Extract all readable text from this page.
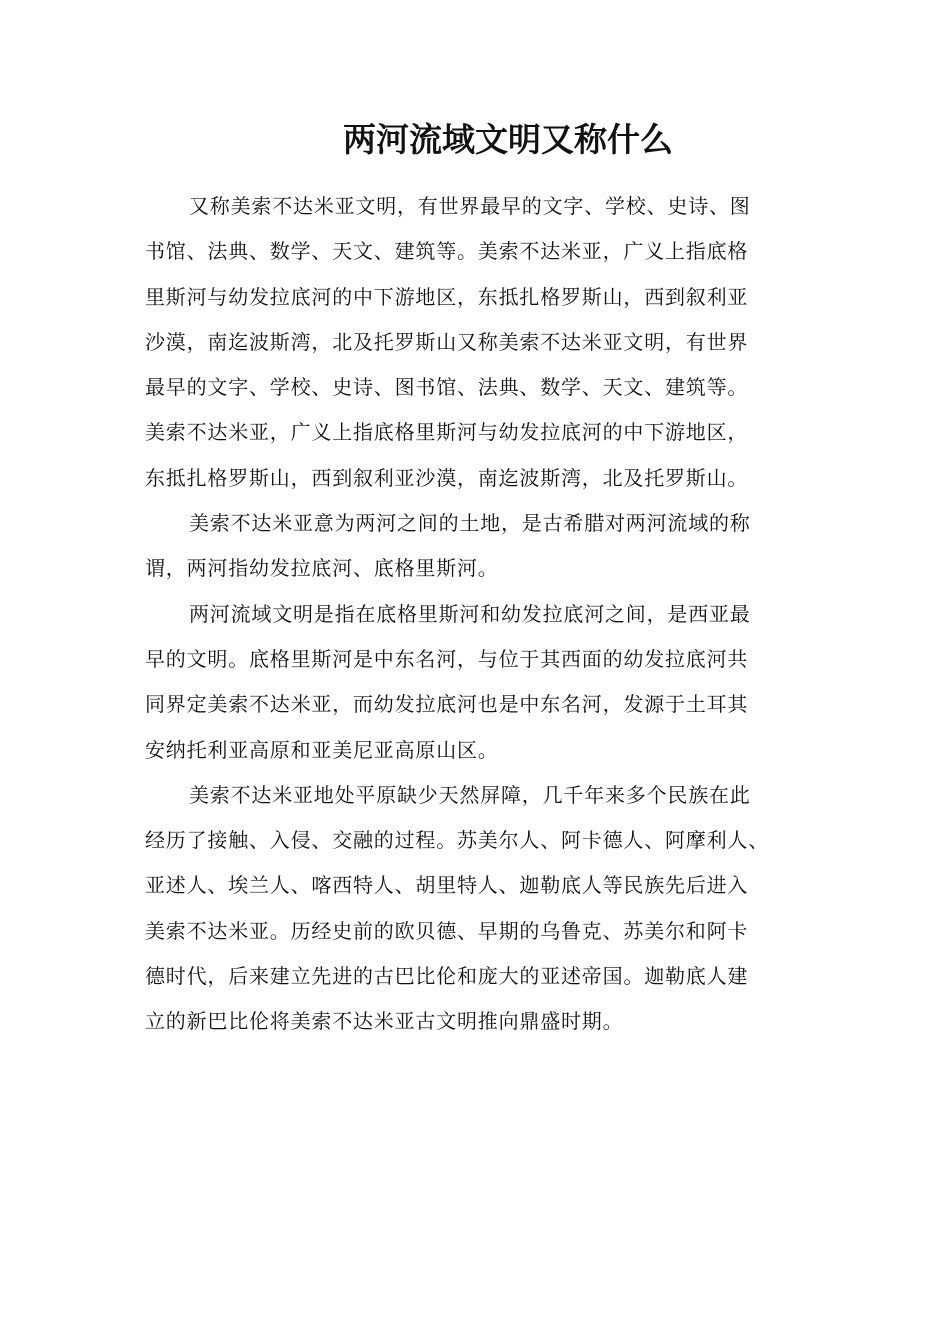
两河流域文明又称什么

又称美索不达米亚文明，有世界最早的文字、学校、史诗、图
书馆、法典、数学、天文、建筑等。美索不达米亚，广义上指底格
里斯河与幼发拉底河的中下游地区，东抵扎格罗斯山，西到叙利亚
沙漠，南迄波斯湾，北及托罗斯山又称美索不达米亚文明，有世界
最早的文字、学校、史诗、图书馆、法典、数学、天文、建筑等。
美索不达米亚，广义上指底格里斯河与幼发拉底河的中下游地区，
东抵扎格罗斯山，西到叙利亚沙漠，南迄波斯湾，北及托罗斯山。

美索不达米亚意为两河之间的土地，是古希腊对两河流域的称
谓，两河指幼发拉底河、底格里斯河。

两河流域文明是指在底格里斯河和幼发拉底河之间，是西亚最
早的文明。底格里斯河是中东名河，与位于其西面的幼发拉底河共
同界定美索不达米亚，而幼发拉底河也是中东名河，发源于土耳其
安纳托利亚高原和亚美尼亚高原山区。

美索不达米亚地处平原缺少天然屏障，几千年来多个民族在此
经历了接触、入侵、交融的过程。苏美尔人、阿卡德人、阿摩利人、
亚述人、埃兰人、喀西特人、胡里特人、迦勒底人等民族先后进入
美索不达米亚。历经史前的欧贝德、早期的乌鲁克、苏美尔和阿卡
德时代，后来建立先进的古巴比伦和庞大的亚述帝国。迦勒底人建
立的新巴比伦将美索不达米亚古文明推向鼎盛时期。
